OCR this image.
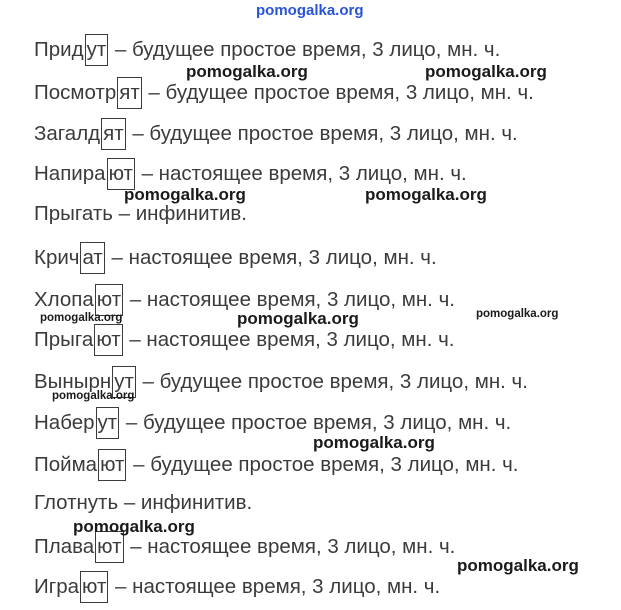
pomogalka.org
Прид ут – будущее простое время, 3 лицо, мн. ч.
Посмотр ят – будущее простое время, 3 лицо, мн. ч.
Загалд ят – будущее простое время, 3 лицо, мн. ч.
Напира ют – настоящее время, 3 лицо, мн. ч.
Прыгать – инфинитив.
Крич ат – настоящее время, 3 лицо, мн. ч.
Хлопа ют – настоящее время, 3 лицо, мн. ч.
Прыга ют – настоящее время, 3 лицо, мн. ч.
Вынырн ут – будущее простое время, 3 лицо, мн. ч.
Набер ут – будущее простое время, 3 лицо, мн. ч.
Пойма ют – будущее простое время, 3 лицо, мн. ч.
Глотнуть – инфинитив.
Плава ют – настоящее время, 3 лицо, мн. ч.
Игра ют – настоящее время, 3 лицо, мн. ч.
pomogalka.org	pomogalka.org
pomogalka.org	pomogalka.org
pomogalka.org	pomogalka.org	pomogalka.org
pomogalka.org
pomogalka.org
pomogalka.org
pomogalka.org
